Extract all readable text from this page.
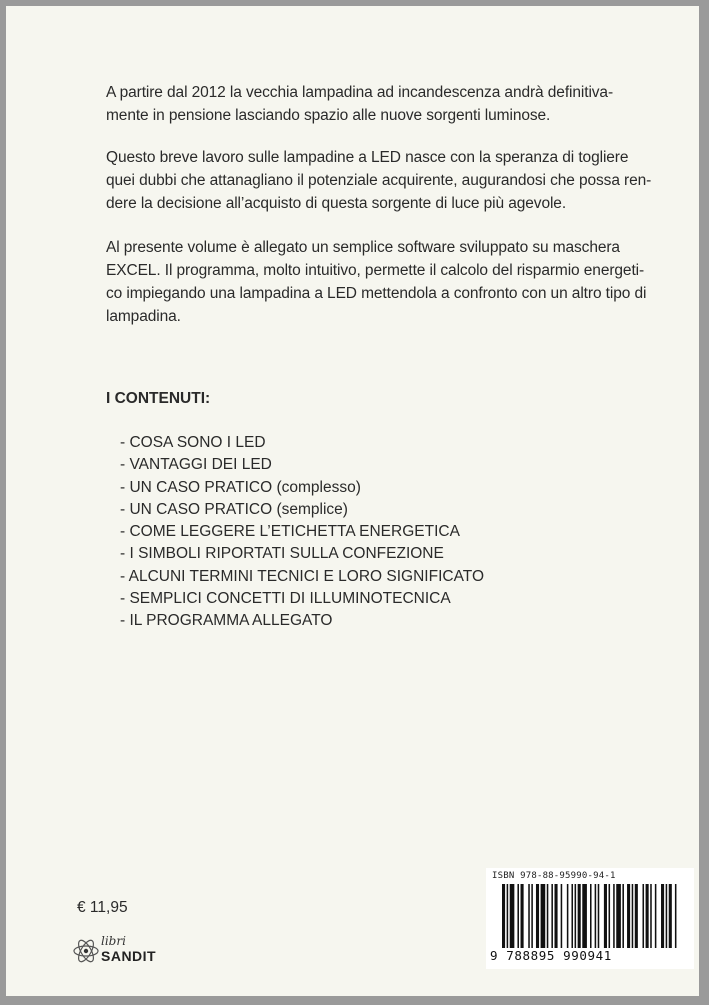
A partire dal 2012 la vecchia lampadina ad incandescenza andrà definitiva-
mente in pensione lasciando spazio alle nuove sorgenti luminose.
Questo breve lavoro sulle lampadine a LED nasce con la speranza di togliere
quei dubbi che attanagliano il potenziale acquirente, augurandosi che possa ren-
dere la decisione all’acquisto di questa sorgente di luce più agevole.
Al presente volume è allegato un semplice software sviluppato su maschera
EXCEL. Il programma, molto intuitivo, permette il calcolo del risparmio energeti-
co impiegando una lampadina a LED mettendola a confronto con un altro tipo di
lampadina.

I CONTENUTI:

- COSA SONO I LED
- VANTAGGI DEI LED
- UN CASO PRATICO (complesso)
- UN CASO PRATICO (semplice)
- COME LEGGERE L’ETICHETTA ENERGETICA
- I SIMBOLI RIPORTATI SULLA CONFEZIONE
- ALCUNI TERMINI TECNICI E LORO SIGNIFICATO
- SEMPLICI CONCETTI DI ILLUMINOTECNICA
- IL PROGRAMMA ALLEGATO
€ 11,95
libri
SANDIT
ISBN 978-88-95990-94-1
9 788895 990941
